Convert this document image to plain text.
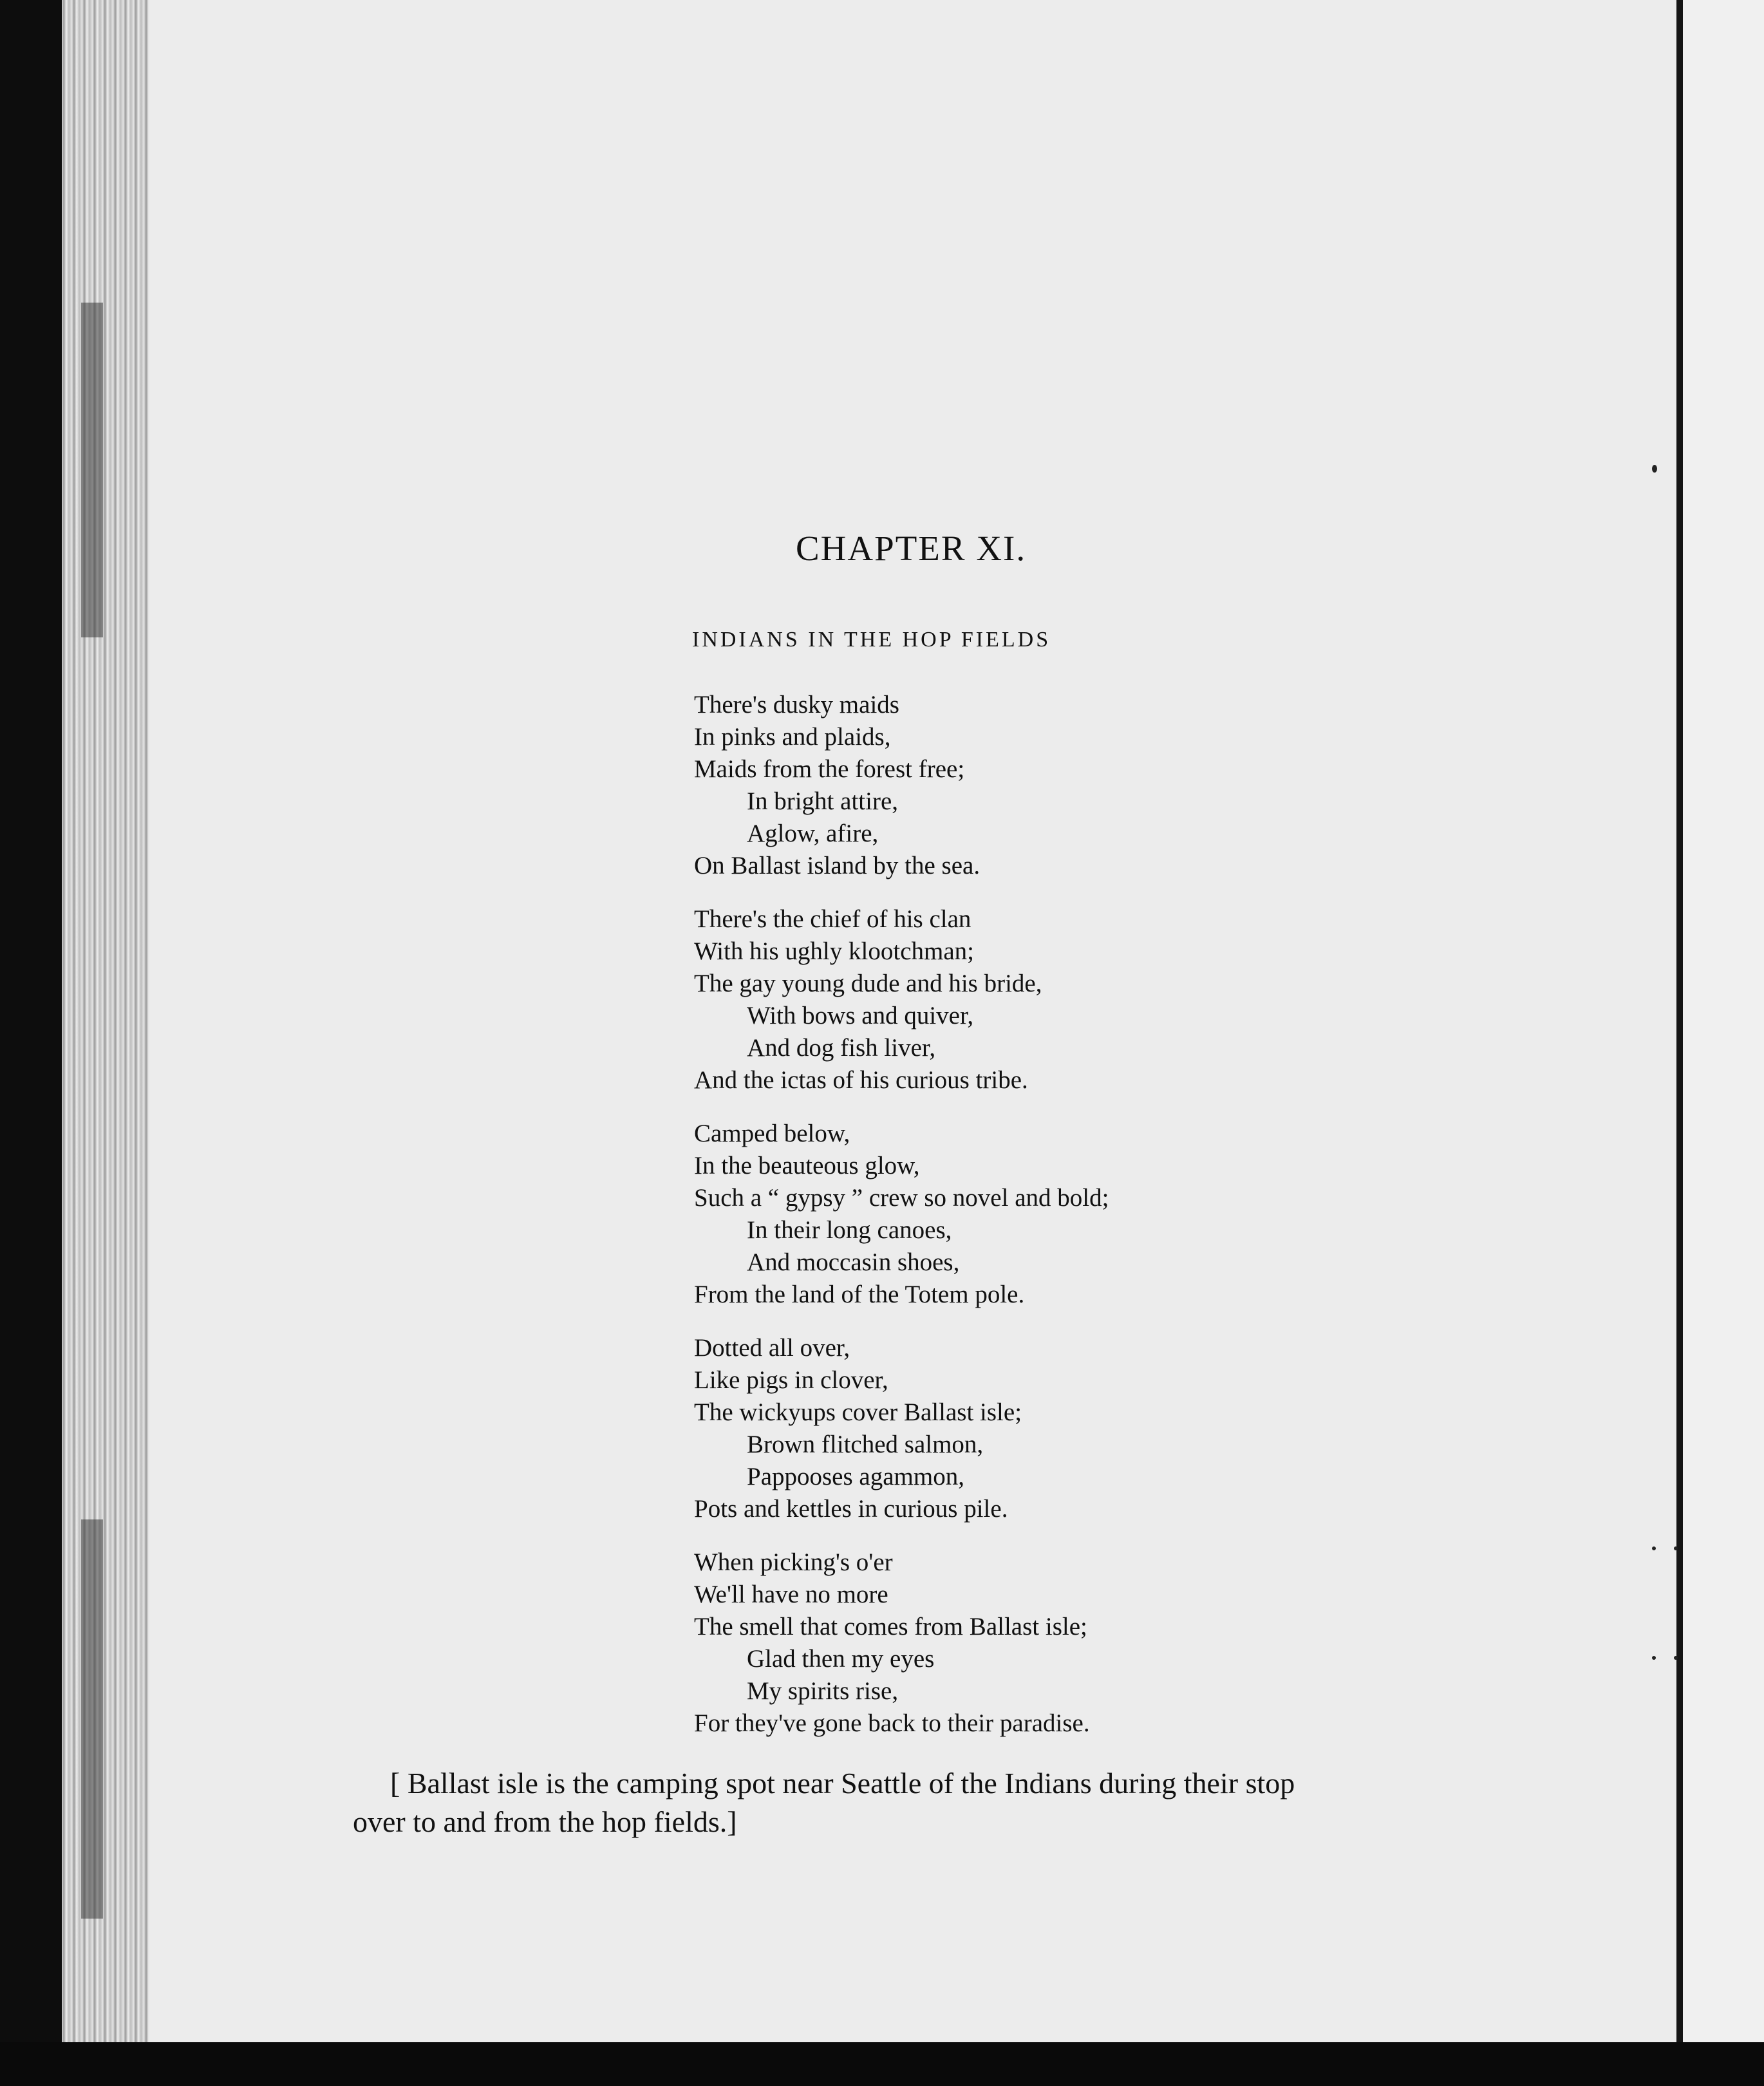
CHAPTER XI.
INDIANS IN THE HOP FIELDS
There's dusky maids
In pinks and plaids,
Maids from the forest free;
In bright attire,
Aglow, afire,
On Ballast island by the sea.
There's the chief of his clan
With his ughly klootchman;
The gay young dude and his bride,
With bows and quiver,
And dog fish liver,
And the ictas of his curious tribe.
Camped below,
In the beauteous glow,
Such a “ gypsy ” crew so novel and bold;
In their long canoes,
And moccasin shoes,
From the land of the Totem pole.
Dotted all over,
Like pigs in clover,
The wickyups cover Ballast isle;
Brown flitched salmon,
Pappooses agammon,
Pots and kettles in curious pile.
When picking's o'er
We'll have no more
The smell that comes from Ballast isle;
Glad then my eyes
My spirits rise,
For they've gone back to their paradise.
[ Ballast isle is the camping spot near Seattle of the Indians during their stop
over to and from the hop fields.]
